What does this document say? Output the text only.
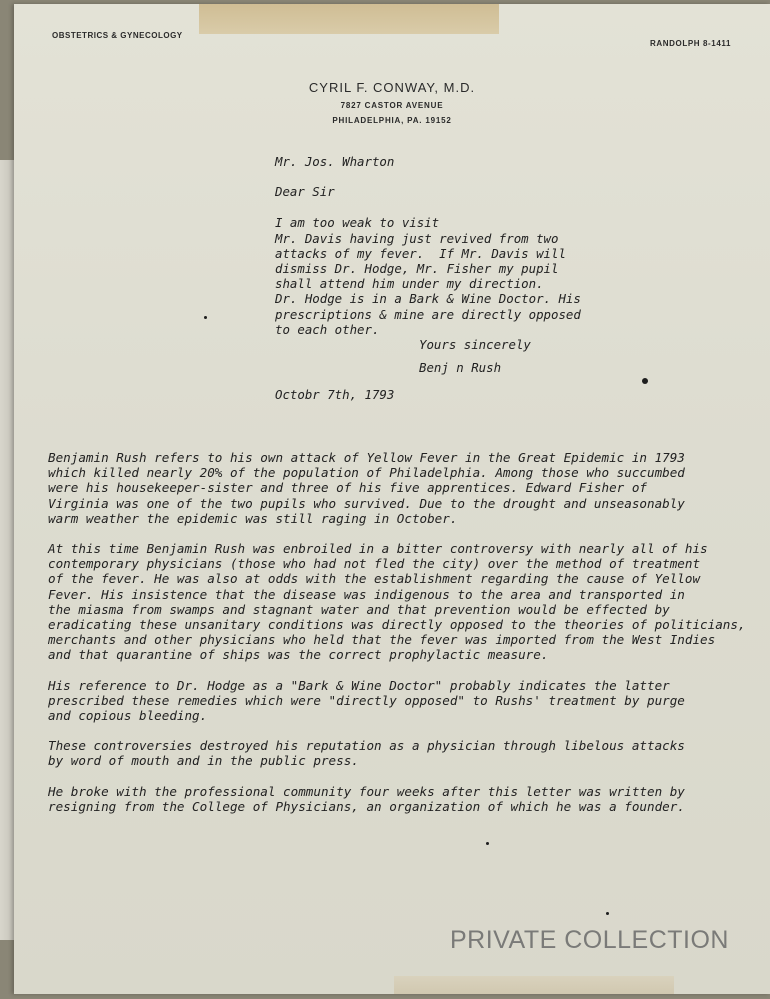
OBSTETRICS & GYNECOLOGY
RANDOLPH 8-1411
CYRIL F. CONWAY, M.D.
7827 CASTOR AVENUE
PHILADELPHIA, PA. 19152
Mr. Jos. Wharton
Dear Sir
I am too weak to visit
Mr. Davis having just revived from two
attacks of my fever.  If Mr. Davis will
dismiss Dr. Hodge, Mr. Fisher my pupil
shall attend him under my direction.
Dr. Hodge is in a Bark & Wine Doctor. His
prescriptions & mine are directly opposed
to each other.
Yours sincerely
Benj n Rush
Octobr 7th, 1793

Benjamin Rush refers to his own attack of Yellow Fever in the Great Epidemic in 1793
which killed nearly 20% of the population of Philadelphia. Among those who succumbed
were his housekeeper-sister and three of his five apprentices. Edward Fisher of
Virginia was one of the two pupils who survived. Due to the drought and unseasonably
warm weather the epidemic was still raging in October.

At this time Benjamin Rush was enbroiled in a bitter controversy with nearly all of his
contemporary physicians (those who had not fled the city) over the method of treatment
of the fever. He was also at odds with the establishment regarding the cause of Yellow
Fever. His insistence that the disease was indigenous to the area and transported in
the miasma from swamps and stagnant water and that prevention would be effected by
eradicating these unsanitary conditions was directly opposed to the theories of politicians,
merchants and other physicians who held that the fever was imported from the West Indies
and that quarantine of ships was the correct prophylactic measure.

His reference to Dr. Hodge as a "Bark & Wine Doctor" probably indicates the latter
prescribed these remedies which were "directly opposed" to Rushs' treatment by purge
and copious bleeding.

These controversies destroyed his reputation as a physician through libelous attacks
by word of mouth and in the public press.

He broke with the professional community four weeks after this letter was written by
resigning from the College of Physicians, an organization of which he was a founder.

PRIVATE COLLECTION
